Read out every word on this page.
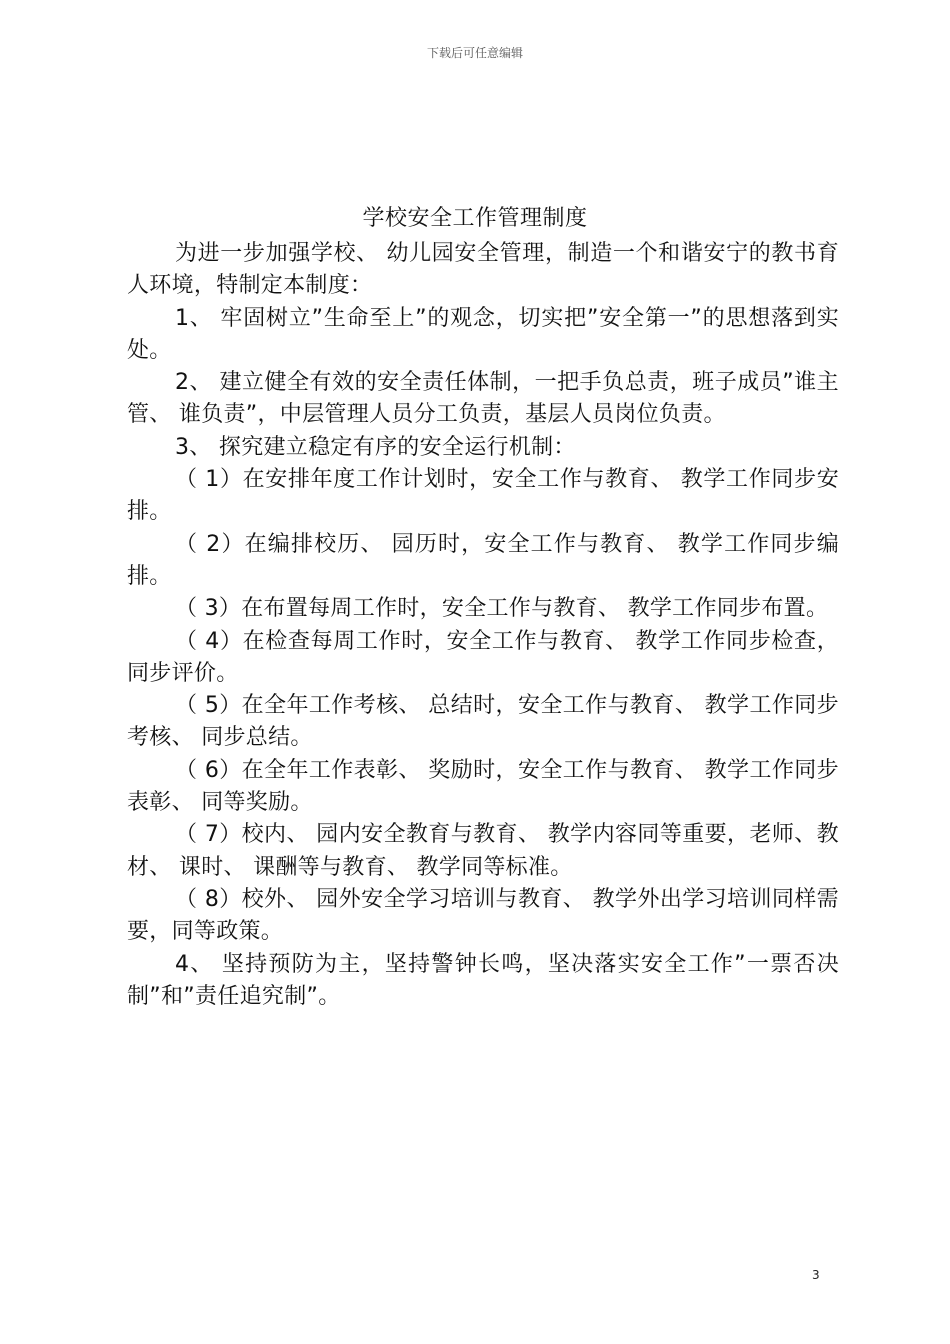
下载后可任意编辑
学校安全工作管理制度

为进一步加强学校、 幼儿园安全管理，制造一个和谐安宁的教书育人环境，特制定本制度：

1、 牢固树立”生命至上”的观念，切实把”安全第一”的思想落到实处。

2、 建立健全有效的安全责任体制，一把手负总责，班子成员”谁主管、 谁负责”，中层管理人员分工负责，基层人员岗位负责。

3、 探究建立稳定有序的安全运行机制：

（ 1）在安排年度工作计划时，安全工作与教育、 教学工作同步安排。

（ 2）在编排校历、 园历时，安全工作与教育、 教学工作同步编排。

（ 3）在布置每周工作时，安全工作与教育、 教学工作同步布置。

（ 4）在检查每周工作时，安全工作与教育、 教学工作同步检查，同步评价。

（ 5）在全年工作考核、 总结时，安全工作与教育、 教学工作同步考核、 同步总结。

（ 6）在全年工作表彰、 奖励时，安全工作与教育、 教学工作同步表彰、 同等奖励。

（ 7）校内、 园内安全教育与教育、 教学内容同等重要，老师、教材、 课时、 课酬等与教育、 教学同等标准。

（ 8）校外、 园外安全学习培训与教育、 教学外出学习培训同样需要，同等政策。

4、 坚持预防为主，坚持警钟长鸣，坚决落实安全工作”一票否决制”和”责任追究制”。

3
